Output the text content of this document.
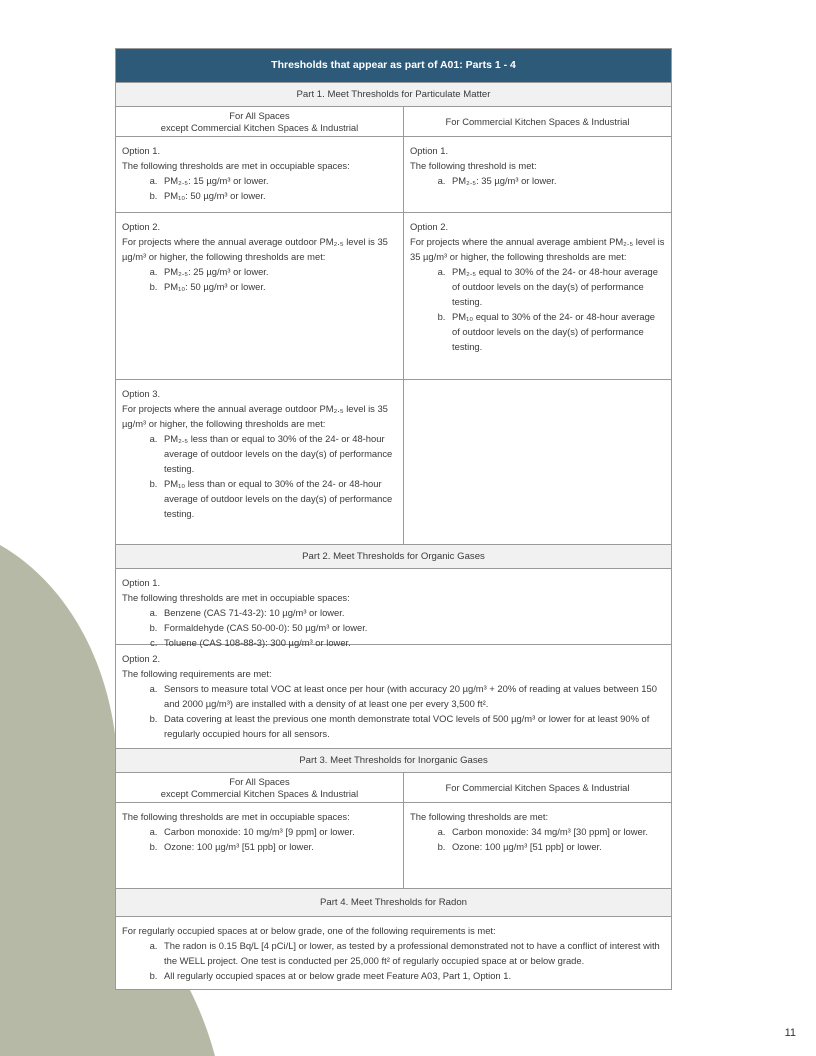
Thresholds that appear as part of A01: Parts 1 - 4
Part 1. Meet Thresholds for Particulate Matter
For All Spaces
except Commercial Kitchen Spaces & Industrial
For Commercial Kitchen Spaces & Industrial

Option 1.

The following thresholds are met in occupiable spaces:

a. PM₂.₅: 15 µg/m³ or lower.
b. PM₁₀: 50 µg/m³ or lower.

Option 1.

The following threshold is met:

a. PM₂.₅: 35 µg/m³ or lower.

Option 2.

For projects where the annual average outdoor PM₂.₅ level is 35 µg/m³ or higher, the following thresholds are met:

a. PM₂.₅: 25 µg/m³ or lower.
b. PM₁₀: 50 µg/m³ or lower.

Option 2.

For projects where the annual average ambient PM₂.₅ level is 35 µg/m³ or higher, the following thresholds are met:

a. PM₂.₅ equal to 30% of the 24- or 48-hour average of outdoor levels on the day(s) of performance testing.
b. PM₁₀ equal to 30% of the 24- or 48-hour average of outdoor levels on the day(s) of performance testing.

Option 3.

For projects where the annual average outdoor PM₂.₅ level is 35 µg/m³ or higher, the following thresholds are met:

a. PM₂.₅ less than or equal to 30% of the 24- or 48-hour average of outdoor levels on the day(s) of performance testing.
b. PM₁₀ less than or equal to 30% of the 24- or 48-hour average of outdoor levels on the day(s) of performance testing.
Part 2. Meet Thresholds for Organic Gases

Option 1.

The following thresholds are met in occupiable spaces:

a. Benzene (CAS 71-43-2): 10 µg/m³ or lower.
b. Formaldehyde (CAS 50-00-0): 50 µg/m³ or lower.
c. Toluene (CAS 108-88-3): 300 µg/m³ or lower.

Option 2.

The following requirements are met:

a. Sensors to measure total VOC at least once per hour (with accuracy 20 µg/m³ + 20% of reading at values between 150 and 2000 µg/m³) are installed with a density of at least one per every 3,500 ft².
b. Data covering at least the previous one month demonstrate total VOC levels of 500 µg/m³ or lower for at least 90% of regularly occupied hours for all sensors.
Part 3. Meet Thresholds for Inorganic Gases
For All Spaces
except Commercial Kitchen Spaces & Industrial
For Commercial Kitchen Spaces & Industrial

The following thresholds are met in occupiable spaces:

a. Carbon monoxide: 10 mg/m³ [9 ppm] or lower.
b. Ozone: 100 µg/m³ [51 ppb] or lower.

The following thresholds are met:

a. Carbon monoxide: 34 mg/m³ [30 ppm] or lower.
b. Ozone: 100 µg/m³ [51 ppb] or lower.
Part 4. Meet Thresholds for Radon

For regularly occupied spaces at or below grade, one of the following requirements is met:

a. The radon is 0.15 Bq/L [4 pCi/L] or lower, as tested by a professional demonstrated not to have a conflict of interest with the WELL project. One test is conducted per 25,000 ft² of regularly occupied space at or below grade.
b. All regularly occupied spaces at or below grade meet Feature A03, Part 1, Option 1.
11
